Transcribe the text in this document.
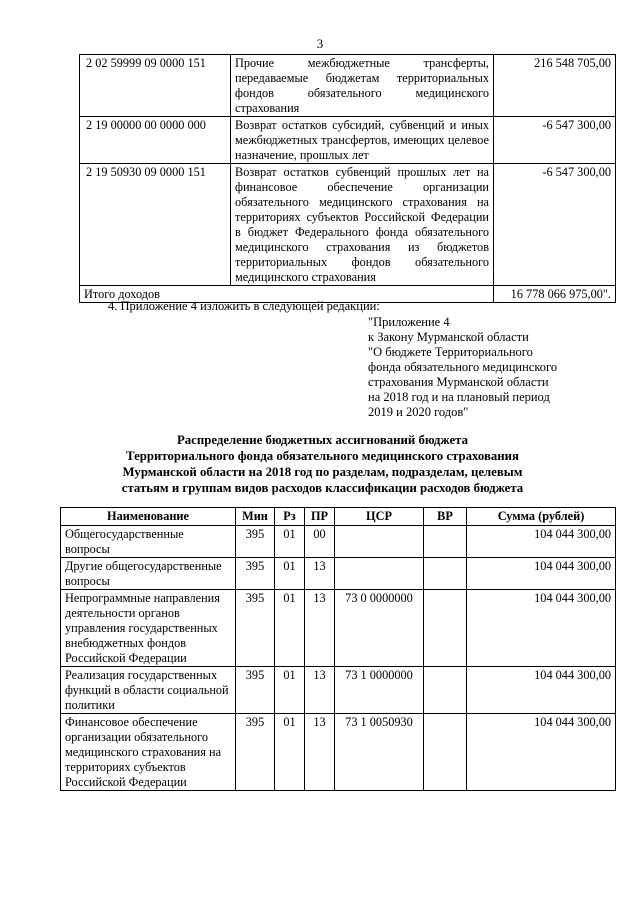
3
2 02 59999 09 0000 151	Прочие межбюджетные трансферты, передаваемые бюджетам территориальных фондов обязательного медицинского страхования	216 548 705,00
2 19 00000 00 0000 000	Возврат остатков субсидий, субвенций и иных межбюджетных трансфертов, имеющих целевое назначение, прошлых лет	-6 547 300,00
2 19 50930 09 0000 151	Возврат остатков субвенций прошлых лет на финансовое обеспечение организации обязательного медицинского страхования на территориях субъектов Российской Федерации в бюджет Федерального фонда обязательного медицинского страхования из бюджетов территориальных фондов обязательного медицинского страхования	-6 547 300,00
Итого доходов		16 778 066 975,00".
4. Приложение 4 изложить в следующей редакции:
"Приложение 4
к Закону Мурманской области
"О бюджете Территориального
фонда обязательного медицинского
страхования Мурманской области
на 2018 год и на плановый период
2019 и 2020 годов"
Распределение бюджетных ассигнований бюджета
Территориального фонда обязательного медицинского страхования
Мурманской области на 2018 год по разделам, подразделам, целевым
статьям и группам видов расходов классификации расходов бюджета
Наименование	Мин	Рз	ПР	ЦСР	ВР	Сумма (рублей)
Общегосударственные вопросы	395	01	00			104 044 300,00
Другие общегосударственные вопросы	395	01	13			104 044 300,00
Непрограммные направления деятельности органов управления государственных внебюджетных фондов Российской Федерации	395	01	13	73 0 0000000		104 044 300,00
Реализация государственных функций в области социальной политики	395	01	13	73 1 0000000		104 044 300,00
Финансовое обеспечение организации обязательного медицинского страхования на территориях субъектов Российской Федерации	395	01	13	73 1 0050930		104 044 300,00
